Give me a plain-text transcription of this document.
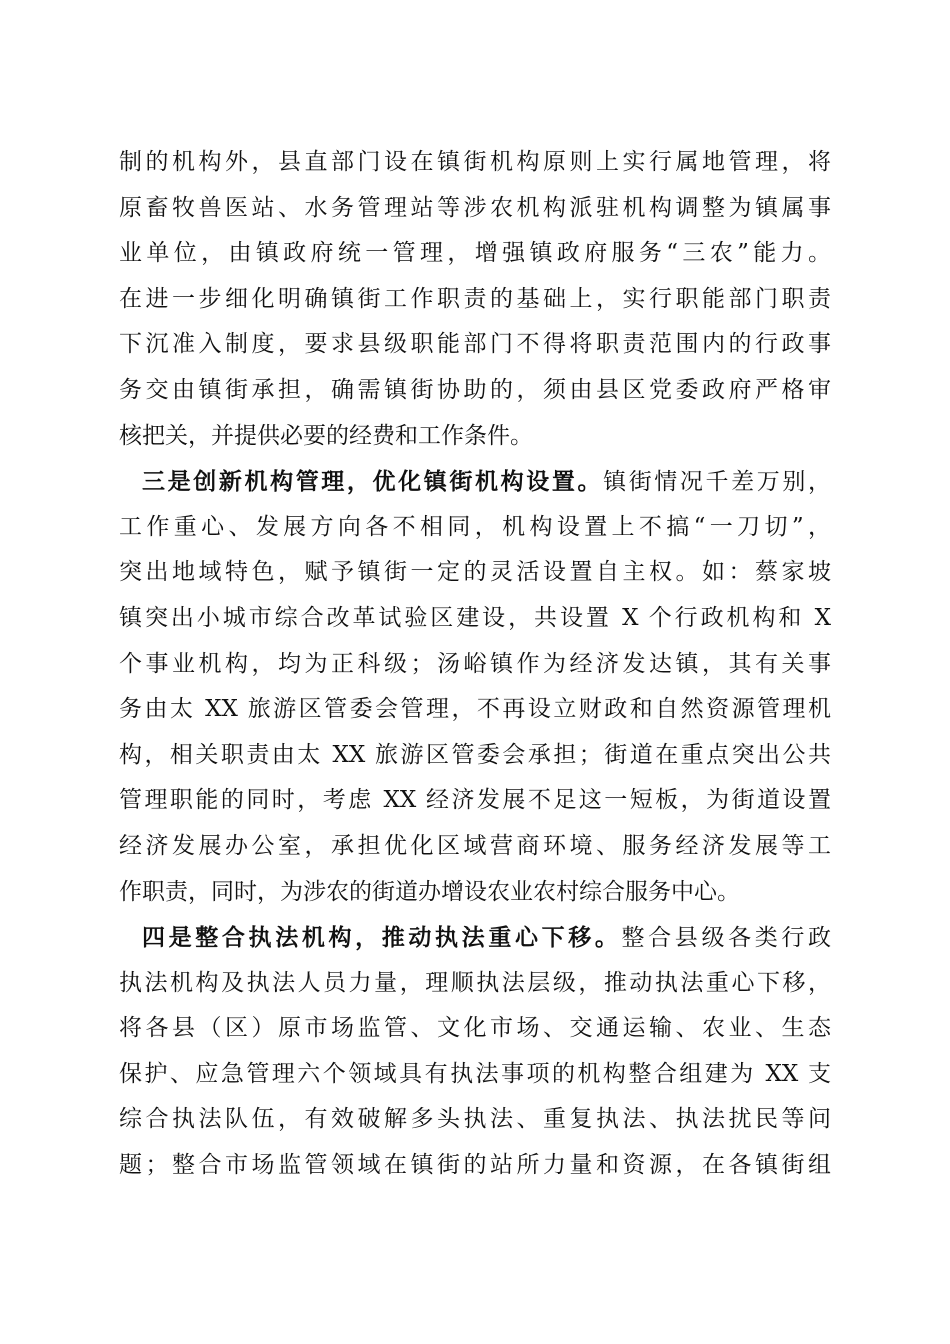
制的机构外，县直部门设在镇街机构原则上实行属地管理，将
原畜牧兽医站、水务管理站等涉农机构派驻机构调整为镇属事
业单位，由镇政府统一管理，增强镇政府服务“三农”能力。
在进一步细化明确镇街工作职责的基础上，实行职能部门职责
下沉准入制度，要求县级职能部门不得将职责范围内的行政事
务交由镇街承担，确需镇街协助的，须由县区党委政府严格审
核把关，并提供必要的经费和工作条件。
三是创新机构管理，优化镇街机构设置。镇街情况千差万别，
工作重心、发展方向各不相同，机构设置上不搞“一刀切”，
突出地域特色，赋予镇街一定的灵活设置自主权。如：蔡家坡
镇突出小城市综合改革试验区建设，共设置 X 个行政机构和 X
个事业机构，均为正科级；汤峪镇作为经济发达镇，其有关事
务由太 XX 旅游区管委会管理，不再设立财政和自然资源管理机
构，相关职责由太 XX 旅游区管委会承担；街道在重点突出公共
管理职能的同时，考虑 XX 经济发展不足这一短板，为街道设置
经济发展办公室，承担优化区域营商环境、服务经济发展等工
作职责，同时，为涉农的街道办增设农业农村综合服务中心。
四是整合执法机构，推动执法重心下移。整合县级各类行政
执法机构及执法人员力量，理顺执法层级，推动执法重心下移，
将各县（区）原市场监管、文化市场、交通运输、农业、生态
保护、应急管理六个领域具有执法事项的机构整合组建为 XX 支
综合执法队伍，有效破解多头执法、重复执法、执法扰民等问
题；整合市场监管领域在镇街的站所力量和资源，在各镇街组
